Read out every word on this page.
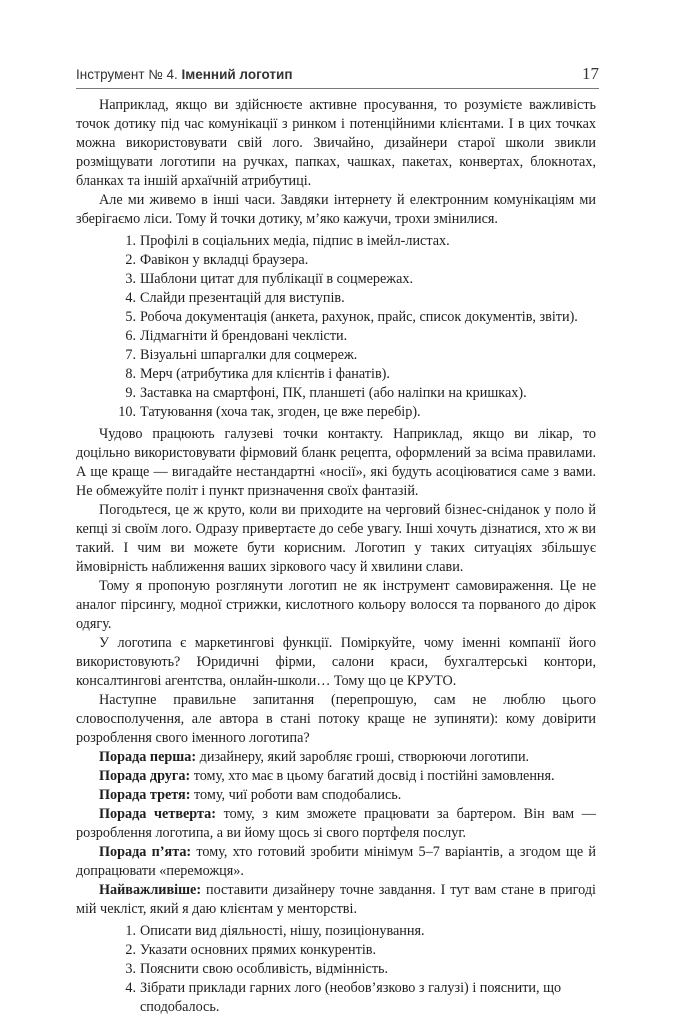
Інструмент № 4. Іменний логотип	17

Наприклад, якщо ви здійснюєте активне просування, то розумієте важливість точок дотику під час комунікації з ринком і потенційними клієнтами. І в цих точках можна використовувати свій лого. Звичайно, дизайнери старої школи звикли розміщувати логотипи на ручках, папках, чашках, пакетах, конвертах, блокнотах, бланках та іншій архаїчній атрибутиці.

Але ми живемо в інші часи. Завдяки інтернету й електронним комунікаціям ми зберігаємо ліси. Тому й точки дотику, м’яко кажучи, трохи змінилися.

1. Профілі в соціальних медіа, підпис в імейл-листах.
2. Фавікон у вкладці браузера.
3. Шаблони цитат для публікації в соцмережах.
4. Слайди презентацій для виступів.
5. Робоча документація (анкета, рахунок, прайс, список документів, звіти).
6. Лідмагніти й брендовані чеклісти.
7. Візуальні шпаргалки для соцмереж.
8. Мерч (атрибутика для клієнтів і фанатів).
9. Заставка на смартфоні, ПК, планшеті (або наліпки на кришках).
10. Татуювання (хоча так, згоден, це вже перебір).

Чудово працюють галузеві точки контакту. Наприклад, якщо ви лікар, то доцільно використовувати фірмовий бланк рецепта, оформлений за всіма правилами. А ще краще — вигадайте нестандартні «носії», які будуть асоціюватися саме з вами. Не обмежуйте політ і пункт призначення своїх фантазій.

Погодьтеся, це ж круто, коли ви приходите на черговий бізнес-сніданок у поло й кепці зі своїм лого. Одразу привертаєте до себе увагу. Інші хочуть дізнатися, хто ж ви такий. І чим ви можете бути корисним. Логотип у таких ситуаціях збільшує ймовірність наближення ваших зіркового часу й хвилини слави.

Тому я пропоную розглянути логотип не як інструмент самовираження. Це не аналог пірсингу, модної стрижки, кислотного кольору волосся та порваного до дірок одягу.

У логотипа є маркетингові функції. Поміркуйте, чому іменні компанії його використовують? Юридичні фірми, салони краси, бухгалтерські контори, консалтингові агентства, онлайн-школи… Тому що це КРУТО.

Наступне правильне запитання (перепрошую, сам не люблю цього словосполучення, але автора в стані потоку краще не зупиняти): кому довірити розроблення свого іменного логотипа?

Порада перша: дизайнеру, який заробляє гроші, створюючи логотипи.

Порада друга: тому, хто має в цьому багатий досвід і постійні замовлення.

Порада третя: тому, чиї роботи вам сподобались.

Порада четверта: тому, з ким зможете працювати за бартером. Він вам — розроблення логотипа, а ви йому щось зі свого портфеля послуг.

Порада п’ята: тому, хто готовий зробити мінімум 5–7 варіантів, а згодом ще й допрацювати «переможця».

Найважливіше: поставити дизайнеру точне завдання. І тут вам стане в пригоді мій чекліст, який я даю клієнтам у менторстві.

1. Описати вид діяльності, нішу, позиціонування.
2. Указати основних прямих конкурентів.
3. Пояснити свою особливість, відмінність.
4. Зібрати приклади гарних лого (необов’язково з галузі) і пояснити, що сподобалось.
